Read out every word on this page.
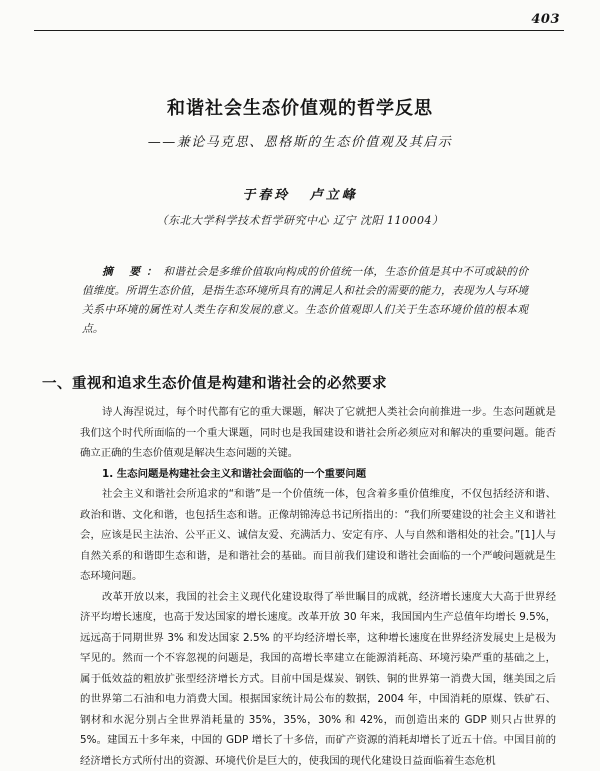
403
和谐社会生态价值观的哲学反思
——兼论马克思、恩格斯的生态价值观及其启示
于春玲 卢立峰
（东北大学科学技术哲学研究中心 辽宁 沈阳 110004）
摘 要：和谐社会是多维价值取向构成的价值统一体，生态价值是其中不可或缺的价值维度。所谓生态价值，是指生态环境所具有的满足人和社会的需要的能力，表现为人与环境关系中环境的属性对人类生存和发展的意义。生态价值观即人们关于生态环境价值的根本观点。
一、重视和追求生态价值是构建和谐社会的必然要求

诗人海涅说过，每个时代都有它的重大课题，解决了它就把人类社会向前推进一步。生态问题就是我们这个时代所面临的一个重大课题，同时也是我国建设和谐社会所必须应对和解决的重要问题。能否确立正确的生态价值观是解决生态问题的关键。

1. 生态问题是构建社会主义和谐社会面临的一个重要问题

社会主义和谐社会所追求的“和谐”是一个价值统一体，包含着多重价值维度，不仅包括经济和谐、政治和谐、文化和谐，也包括生态和谐。正像胡锦涛总书记所指出的：“我们所要建设的社会主义和谐社会，应该是民主法治、公平正义、诚信友爱、充满活力、安定有序、人与自然和谐相处的社会。”[1]人与自然关系的和谐即生态和谐，是和谐社会的基础。而目前我们建设和谐社会面临的一个严峻问题就是生态环境问题。

改革开放以来，我国的社会主义现代化建设取得了举世瞩目的成就，经济增长速度大大高于世界经济平均增长速度，也高于发达国家的增长速度。改革开放 30 年来，我国国内生产总值年均增长 9.5%，远远高于同期世界 3% 和发达国家 2.5% 的平均经济增长率，这种增长速度在世界经济发展史上是极为罕见的。然而一个不容忽视的问题是，我国的高增长率建立在能源消耗高、环境污染严重的基础之上，属于低效益的粗放扩张型经济增长方式。目前中国是煤炭、钢铁、铜的世界第一消费大国，继美国之后的世界第二石油和电力消费大国。根据国家统计局公布的数据，2004 年，中国消耗的原煤、铁矿石、钢材和水泥分别占全世界消耗量的 35%，35%，30% 和 42%，而创造出来的 GDP 则只占世界的 5%。建国五十多年来，中国的 GDP 增长了十多倍，而矿产资源的消耗却增长了近五十倍。中国目前的经济增长方式所付出的资源、环境代价是巨大的，使我国的现代化建设日益面临着生态危机
